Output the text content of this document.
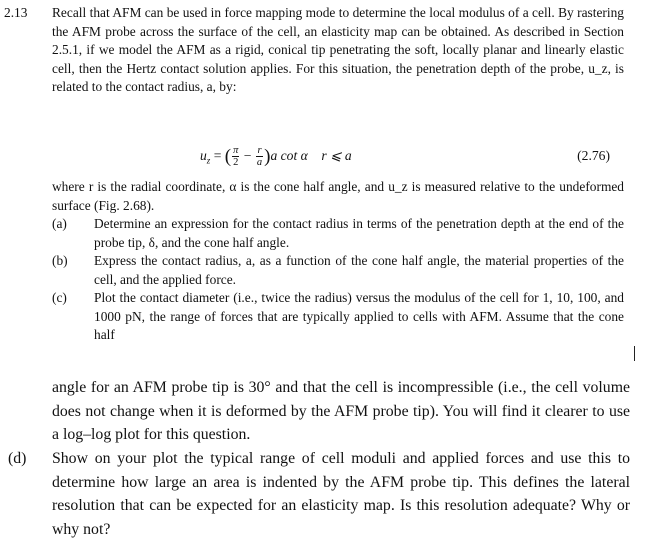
2.13 Recall that AFM can be used in force mapping mode to determine the local modulus of a cell. By rastering the AFM probe across the surface of the cell, an elasticity map can be obtained. As described in Section 2.5.1, if we model the AFM as a rigid, conical tip penetrating the soft, locally planar and linearly elastic cell, then the Hertz contact solution applies. For this situation, the penetration depth of the probe, u_z, is related to the contact radius, a, by:
$u_z$ = ( $\frac{\pi}{2} - \frac{r}{a} )a$ cot α r ⩽ a	(2.76)
where r is the radial coordinate, α is the cone half angle, and u_z is measured relative to the undeformed surface (Fig. 2.68).
(a) Determine an expression for the contact radius in terms of the penetration depth at the end of the probe tip, δ, and the cone half angle.
(b) Express the contact radius, a, as a function of the cone half angle, the material properties of the cell, and the applied force.
(c) Plot the contact diameter (i.e., twice the radius) versus the modulus of the cell for 1, 10, 100, and 1000 pN, the range of forces that are typically applied to cells with AFM. Assume that the cone half
angle for an AFM probe tip is 30° and that the cell is incompressible (i.e., the cell volume does not change when it is deformed by the AFM probe tip). You will find it clearer to use a log–log plot for this question.
(d) Show on your plot the typical range of cell moduli and applied forces and use this to determine how large an area is indented by the AFM probe tip. This defines the lateral resolution that can be expected for an elasticity map. Is this resolution adequate? Why or why not?
